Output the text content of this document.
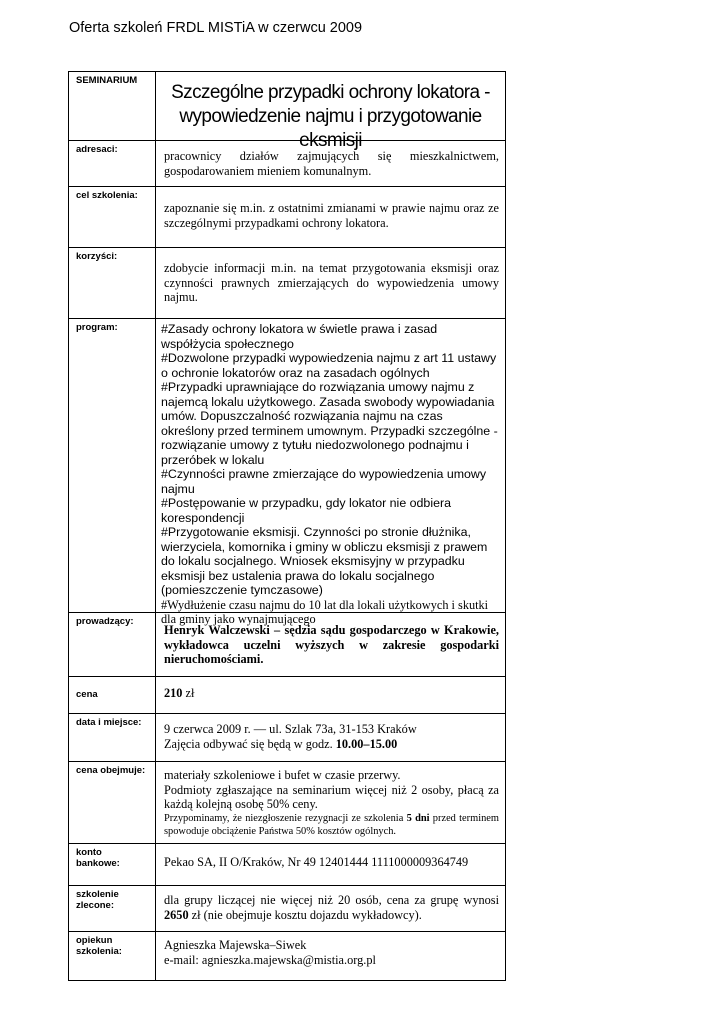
Oferta szkoleń FRDL MISTiA w czerwcu 2009
SEMINARIUM
Szczególne przypadki ochrony lokatora - wypowiedzenie najmu i przygotowanie eksmisji
adresaci:	pracownicy działów zajmujących się mieszkalnictwem, gospodarowaniem mieniem komunalnym.
cel szkolenia:
zapoznanie się m.in. z ostatnimi zmianami w prawie najmu oraz ze szczególnymi przypadkami ochrony lokatora.
korzyści:
zdobycie informacji m.in. na temat przygotowania eksmisji oraz czynności prawnych zmierzających do wypowiedzenia umowy najmu.
program:	#Zasady ochrony lokatora w świetle prawa i zasad współżycia społecznego

#Dozwolone przypadki wypowiedzenia najmu z art 11 ustawy o ochronie lokatorów oraz na zasadach ogólnych

#Przypadki uprawniające do rozwiązania umowy najmu z najemcą lokalu użytkowego. Zasada swobody wypowiadania umów. Dopuszczalność rozwiązania najmu na czas określony przed terminem umownym. Przypadki szczególne - rozwiązanie umowy z tytułu niedozwolonego podnajmu i przeróbek w lokalu

#Czynności prawne zmierzające do wypowiedzenia umowy najmu

#Postępowanie w przypadku, gdy lokator nie odbiera korespondencji

#Przygotowanie eksmisji. Czynności po stronie dłużnika, wierzyciela, komornika i gminy w obliczu eksmisji z prawem do lokalu socjalnego. Wniosek eksmisyjny w przypadku eksmisji bez ustalenia prawa do lokalu socjalnego (pomieszczenie tymczasowe)

#Wydłużenie czasu najmu do 10 lat dla lokali użytkowych i skutki dla gminy jako wynajmującego

prowadzący:
Henryk Walczewski – sędzia sądu gospodarczego w Krakowie, wykładowca uczelni wyższych w zakresie gospodarki nieruchomościami.
cena	210 zł
data i miejsce:	9 czerwca 2009 r. — ul. Szlak 73a, 31-153 Kraków

Zajęcia odbywać się będą w godz. 10.00–15.00

cena obejmuje:	materiały szkoleniowe i bufet w czasie przerwy.

Podmioty zgłaszające na seminarium więcej niż 2 osoby, płacą za każdą kolejną osobę 50% ceny.

Przypominamy, że niezgłoszenie rezygnacji ze szkolenia 5 dni przed terminem spowoduje obciążenie Państwa 50% kosztów ogólnych.

konto
bankowe:	Pekao SA, II O/Kraków, Nr 49 12401444 1111000009364749
szkolenie
zlecone:	dla grupy liczącej nie więcej niż 20 osób, cena za grupę wynosi 2650 zł (nie obejmuje kosztu dojazdu wykładowcy).
opiekun
szkolenia:	Agnieszka Majewska–Siwek

e-mail: agnieszka.majewska@mistia.org.pl
